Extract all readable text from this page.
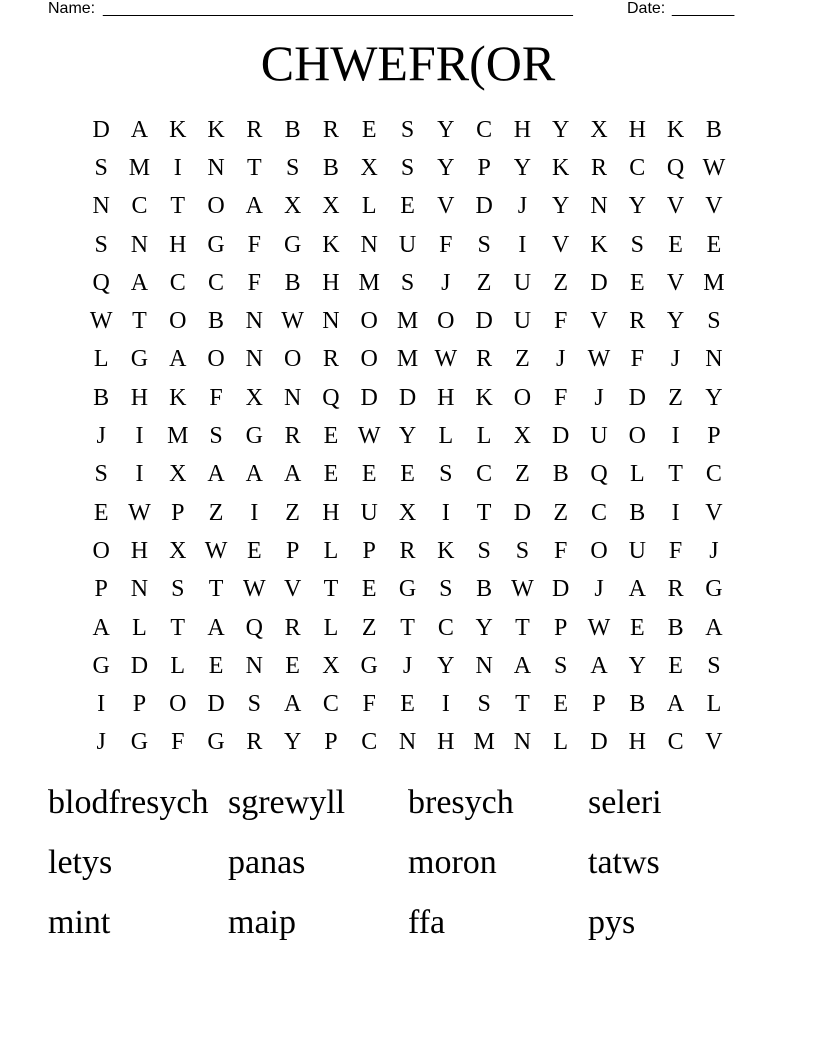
Name: ______________________________________________________	Date: _______
CHWEFR(OR
D A K K R B R E	S Y C H Y X H K B
S M I	N T	S B X S Y P Y K R C Q W
N C T O A X X L E V D	J	Y N Y V V
S N H G F G K N U F	S	I	V K S	E E
Q A C C F B H M S	J	Z U Z D E V M
W T O B N W N O M O D U F V R Y S
L G A O N O R O M W R Z	J W F	J	N
B H K F X N Q D D H K O F	J	D Z Y
J	I M S G R E W Y L L X D U O	I	P
S	I	X A A A E E E	S C Z B Q L T C
E W P	Z	I	Z H U X	I	T D Z C B	I	V
O H X W E	P	L	P R K S	S	F O U F	J
P N S	T W V T E G S B W D	J	A R G
A L T A Q R L Z T C Y T	P W E B A
G D L E N E X G	J	Y N A S A Y E	S
I	P O D S A C F	E	I	S	T E	P B A L
J	G F G R Y P C N H M N L D H C V
blodfresych sgrewyll	bresych	seleri
letys	panas	moron	tatws
mint	maip	ffa	pys
